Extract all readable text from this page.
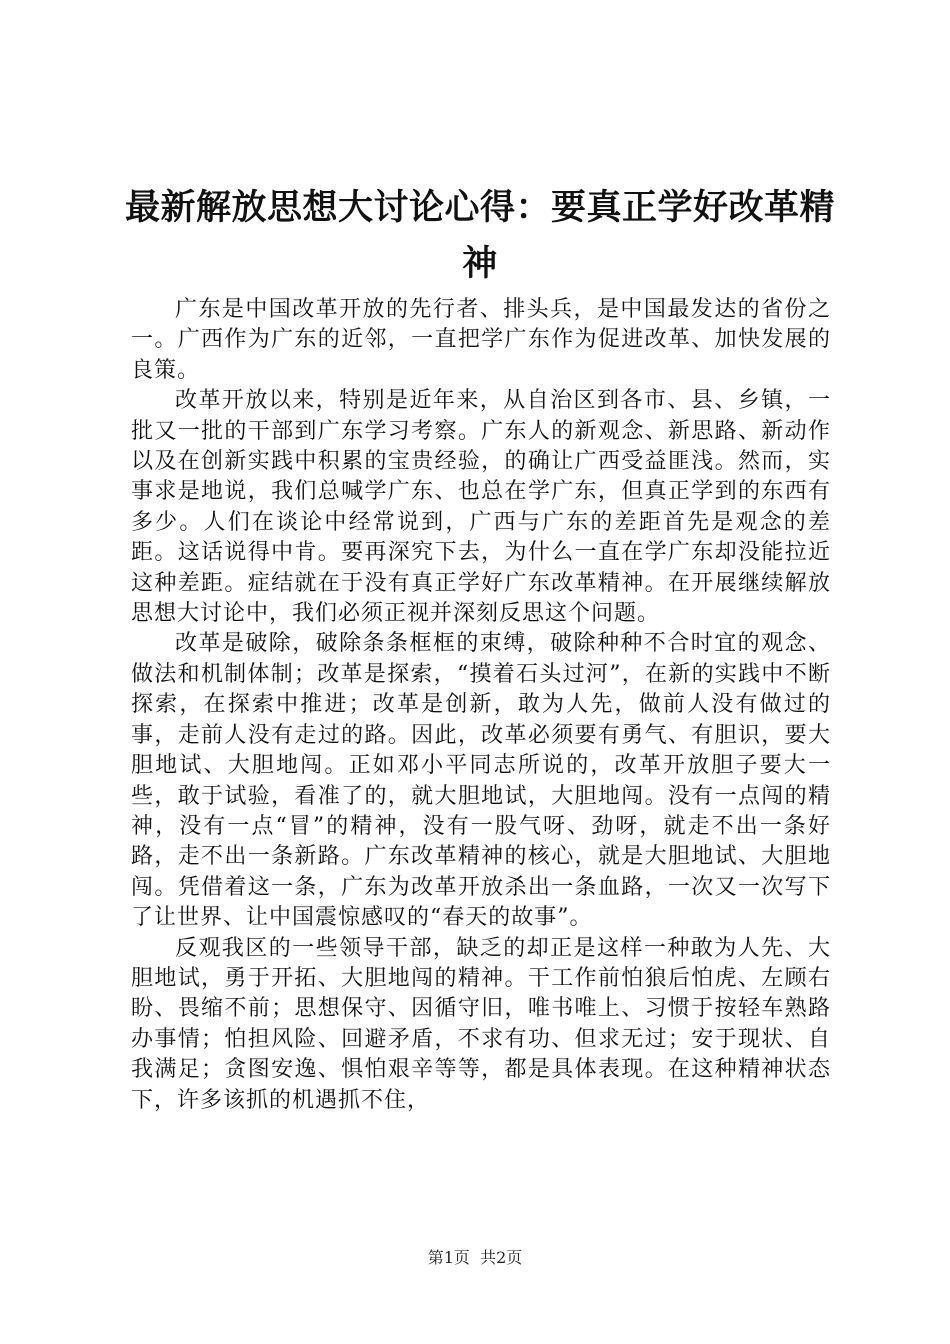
最新解放思想大讨论心得：要真正学好改革精神

广东是中国改革开放的先行者、排头兵，是中国最发达的省份之一。广西作为广东的近邻，一直把学广东作为促进改革、加快发展的良策。

改革开放以来，特别是近年来，从自治区到各市、县、乡镇，一批又一批的干部到广东学习考察。广东人的新观念、新思路、新动作以及在创新实践中积累的宝贵经验，的确让广西受益匪浅。然而，实事求是地说，我们总喊学广东、也总在学广东，但真正学到的东西有多少。人们在谈论中经常说到，广西与广东的差距首先是观念的差距。这话说得中肯。要再深究下去，为什么一直在学广东却没能拉近这种差距。症结就在于没有真正学好广东改革精神。在开展继续解放思想大讨论中，我们必须正视并深刻反思这个问题。

改革是破除，破除条条框框的束缚，破除种种不合时宜的观念、做法和机制体制；改革是探索，“摸着石头过河”，在新的实践中不断探索，在探索中推进；改革是创新，敢为人先，做前人没有做过的事，走前人没有走过的路。因此，改革必须要有勇气、有胆识，要大胆地试、大胆地闯。正如邓小平同志所说的，改革开放胆子要大一些，敢于试验，看准了的，就大胆地试，大胆地闯。没有一点闯的精神，没有一点“冒”的精神，没有一股气呀、劲呀，就走不出一条好路，走不出一条新路。广东改革精神的核心，就是大胆地试、大胆地闯。凭借着这一条，广东为改革开放杀出一条血路，一次又一次写下了让世界、让中国震惊感叹的“春天的故事”。

反观我区的一些领导干部，缺乏的却正是这样一种敢为人先、大胆地试，勇于开拓、大胆地闯的精神。干工作前怕狼后怕虎、左顾右盼、畏缩不前；思想保守、因循守旧，唯书唯上、习惯于按轻车熟路办事情；怕担风险、回避矛盾，不求有功、但求无过；安于现状、自我满足；贪图安逸、惧怕艰辛等等，都是具体表现。在这种精神状态下，许多该抓的机遇抓不住，

第1页  共2页
